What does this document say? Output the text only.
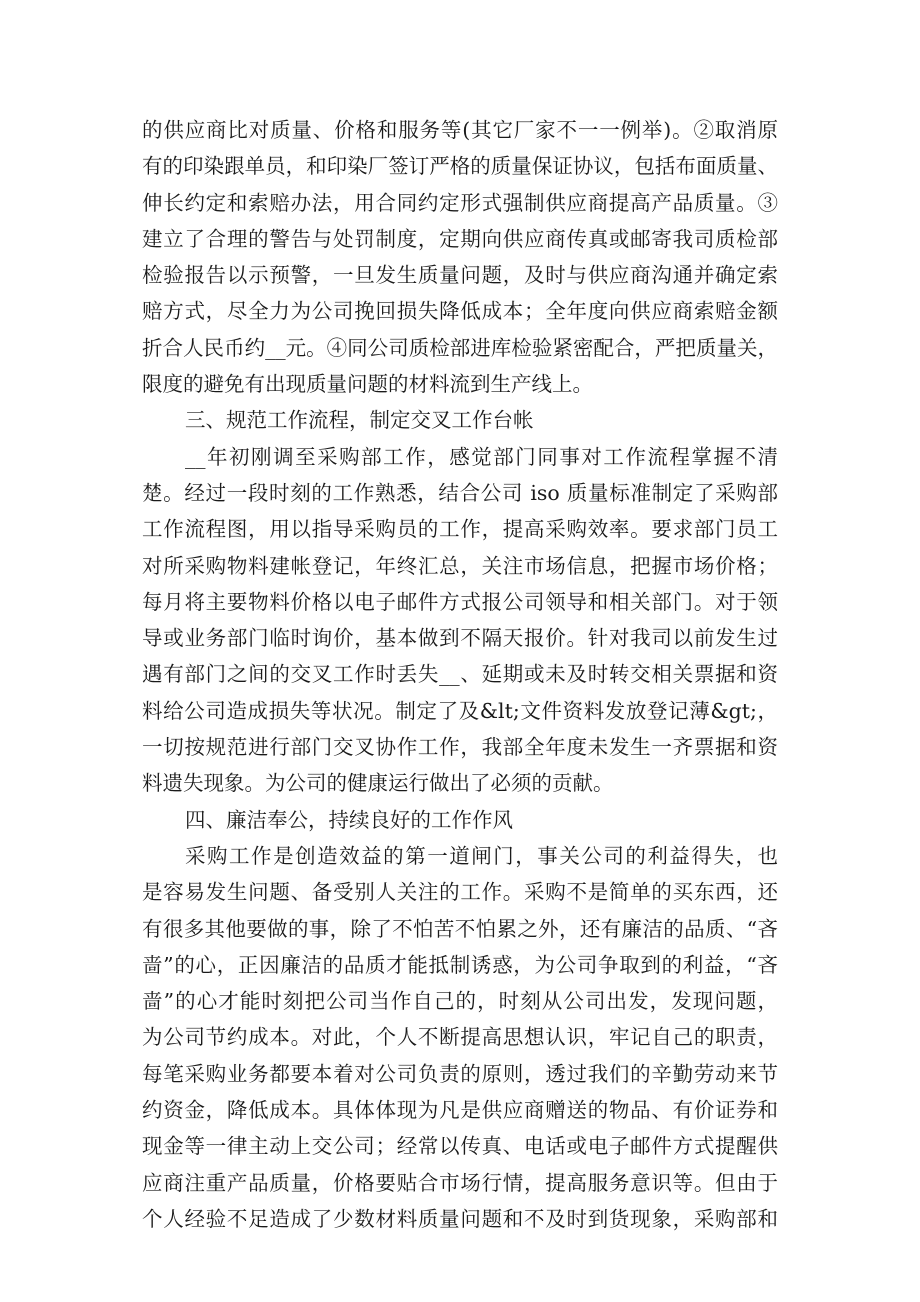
的供应商比对质量、价格和服务等(其它厂家不一一例举)。②取消原
有的印染跟单员，和印染厂签订严格的质量保证协议，包括布面质量、
伸长约定和索赔办法，用合同约定形式强制供应商提高产品质量。③
建立了合理的警告与处罚制度，定期向供应商传真或邮寄我司质检部
检验报告以示预警，一旦发生质量问题，及时与供应商沟通并确定索
赔方式，尽全力为公司挽回损失降低成本；全年度向供应商索赔金额
折合人民币约__元。④同公司质检部进库检验紧密配合，严把质量关，
限度的避免有出现质量问题的材料流到生产线上。
三、规范工作流程，制定交叉工作台帐
__年初刚调至采购部工作，感觉部门同事对工作流程掌握不清
楚。经过一段时刻的工作熟悉，结合公司 iso 质量标准制定了采购部
工作流程图，用以指导采购员的工作，提高采购效率。要求部门员工
对所采购物料建帐登记，年终汇总，关注市场信息，把握市场价格；
每月将主要物料价格以电子邮件方式报公司领导和相关部门。对于领
导或业务部门临时询价，基本做到不隔天报价。针对我司以前发生过
遇有部门之间的交叉工作时丢失__、延期或未及时转交相关票据和资
料给公司造成损失等状况。制定了及&lt;文件资料发放登记薄&gt;，
一切按规范进行部门交叉协作工作，我部全年度未发生一齐票据和资
料遗失现象。为公司的健康运行做出了必须的贡献。
四、廉洁奉公，持续良好的工作作风
采购工作是创造效益的第一道闸门，事关公司的利益得失，也
是容易发生问题、备受别人关注的工作。采购不是简单的买东西，还
有很多其他要做的事，除了不怕苦不怕累之外，还有廉洁的品质、“吝
啬”的心，正因廉洁的品质才能抵制诱惑，为公司争取到的利益，“吝
啬”的心才能时刻把公司当作自己的，时刻从公司出发，发现问题，
为公司节约成本。对此，个人不断提高思想认识，牢记自己的职责，
每笔采购业务都要本着对公司负责的原则，透过我们的辛勤劳动来节
约资金，降低成本。具体体现为凡是供应商赠送的物品、有价证券和
现金等一律主动上交公司；经常以传真、电话或电子邮件方式提醒供
应商注重产品质量，价格要贴合市场行情，提高服务意识等。但由于
个人经验不足造成了少数材料质量问题和不及时到货现象，采购部和
